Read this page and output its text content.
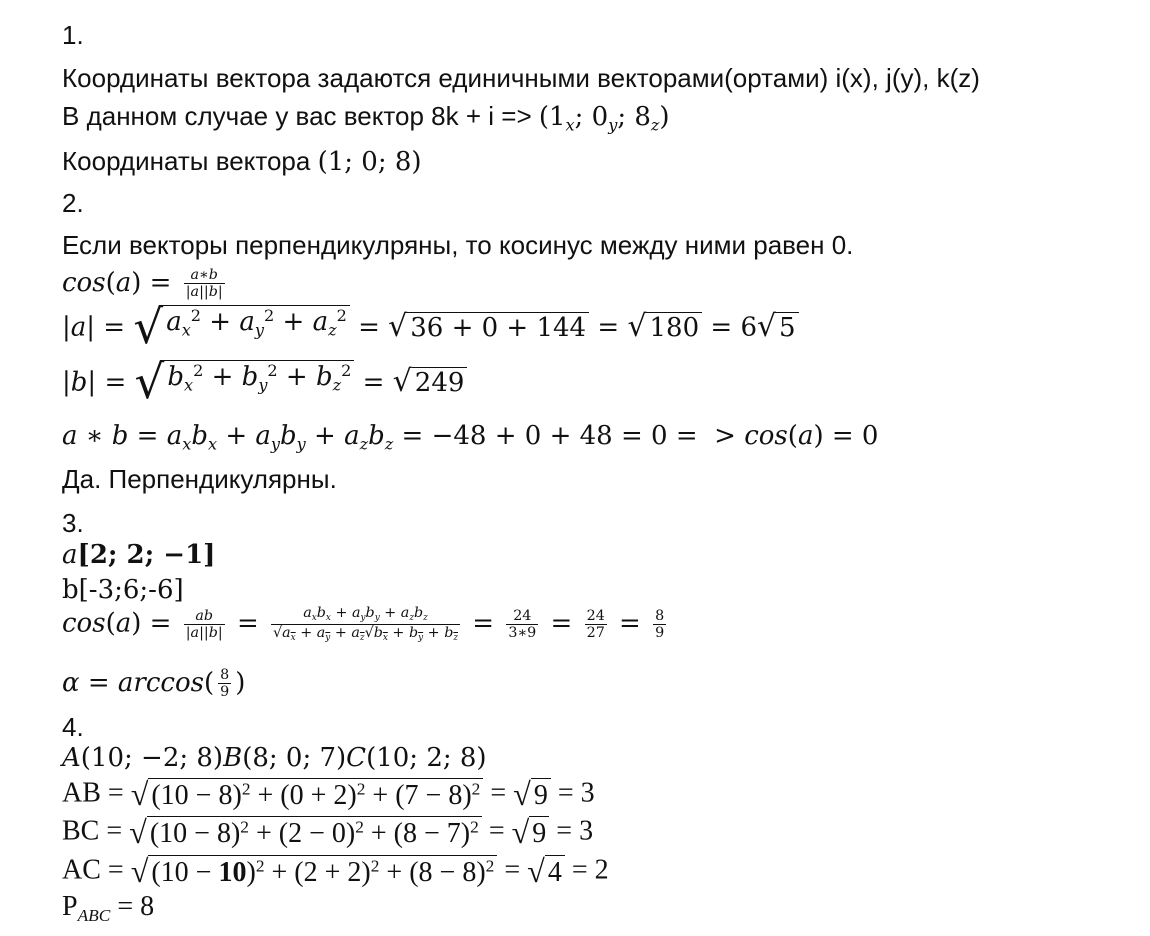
1.
Координаты вектора задаются единичными векторами(ортами) i(x), j(y), k(z)
В данном случае у вас вектор $8k + i => (1_x$; $0_y$; $8_z$)
Координаты вектора (1; 0; 8)
2.
Если векторы перпендикулряны, то косинус между ними равен 0.
$\cos(a) = \frac{a∗b}{|a||b|}$
|a| = √ $a_x^2 + a_y^2 + a_z^2$ = √ 36 + 0 + 144 = √ 180 = 6 √ 5
|b| = √ $b_x^2 + b_y^2 + b_z^2$ = √ 249
a ∗ $b = a_xb_x + a_yb_y + a_zb_z = -48 + 0 + 48 = 0$ =  > cos(a) = 0
Да. Перпендикулярны.
3.
a[2; 2; −1]
b[-3;6;-6]
$\cos(a) = \frac{ab}{|a||b|} = \frac{a_xb_x + a_yb_y + a_zb_z}{√a_x + a_y + a_z√b_x + b_y + b_z} = \frac{24}{3∗9} = \frac{24}{27} = \frac{8}{9}$
$\alpha = \arccos( \frac{8}{9}$ )
4.
A(10; −2; 8)B(8; 0; 7)C(10; 2; 8)
AB = √ $(10 - 8)^2 + (0 + 2)^2 + (7 - 8)^2$ = √ 9 = 3
BC = √ $(10 - 8)^2 + (2 - 0)^2 + (8 - 7)^2$ = √ 9 = 3
AC = √ $(10 - 10)^2 + (2 + 2)^2 + (8 - 8)^2$ = √ 4 = 2
$P_{ABC} = 8$
